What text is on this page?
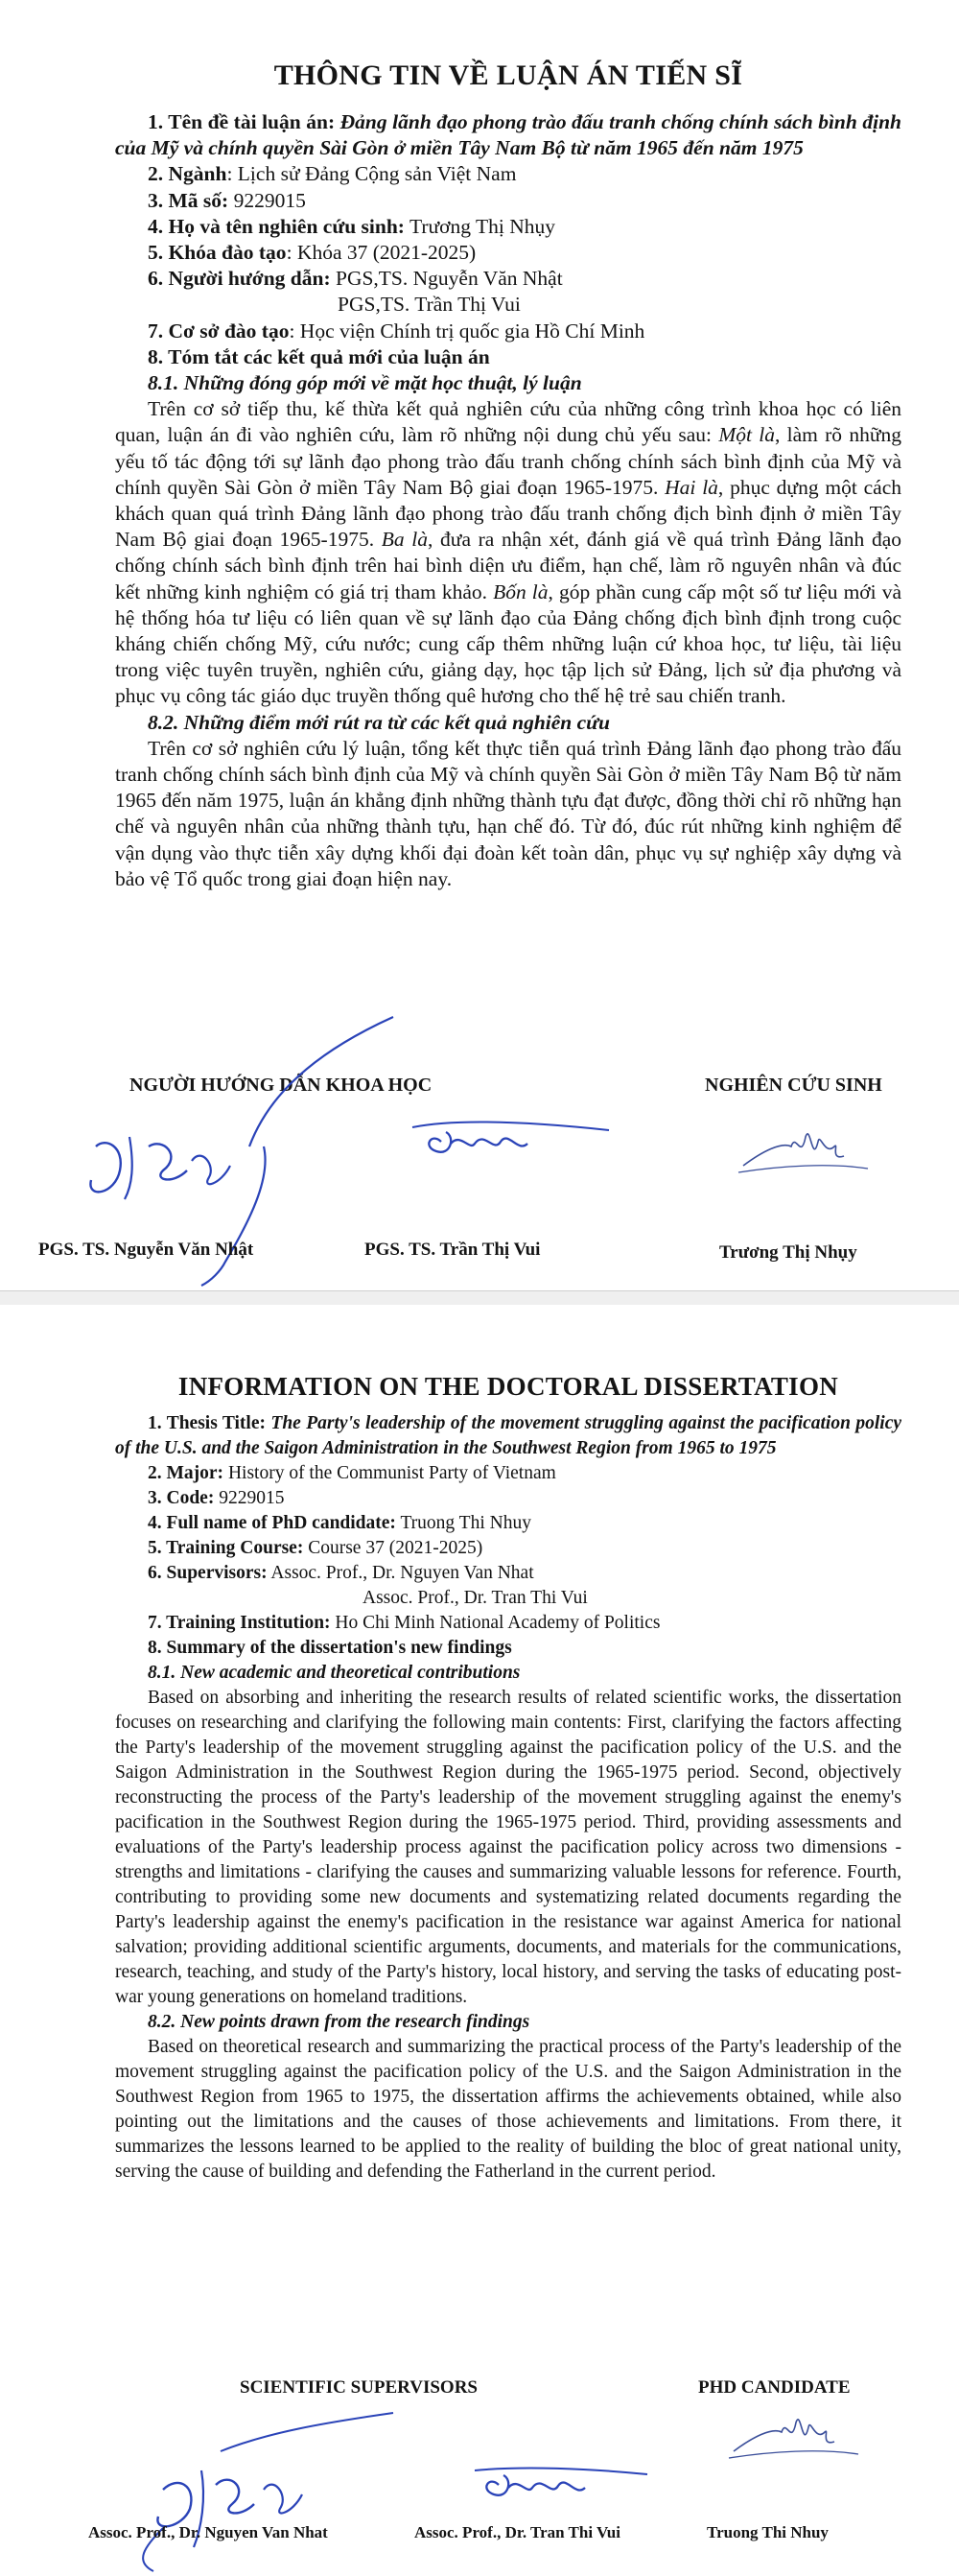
THÔNG TIN VỀ LUẬN ÁN TIẾN SĨ

1. Tên đề tài luận án: Đảng lãnh đạo phong trào đấu tranh chống chính sách bình định của Mỹ và chính quyền Sài Gòn ở miền Tây Nam Bộ từ năm 1965 đến năm 1975

2. Ngành: Lịch sử Đảng Cộng sản Việt Nam

3. Mã số: 9229015

4. Họ và tên nghiên cứu sinh: Trương Thị Nhụy

5. Khóa đào tạo: Khóa 37 (2021-2025)

6. Người hướng dẫn: PGS,TS. Nguyễn Văn Nhật

PGS,TS. Trần Thị Vui

7. Cơ sở đào tạo: Học viện Chính trị quốc gia Hồ Chí Minh

8. Tóm tắt các kết quả mới của luận án

8.1. Những đóng góp mới về mặt học thuật, lý luận

Trên cơ sở tiếp thu, kế thừa kết quả nghiên cứu của những công trình khoa học có liên quan, luận án đi vào nghiên cứu, làm rõ những nội dung chủ yếu sau: Một là, làm rõ những yếu tố tác động tới sự lãnh đạo phong trào đấu tranh chống chính sách bình định của Mỹ và chính quyền Sài Gòn ở miền Tây Nam Bộ giai đoạn 1965-1975. Hai là, phục dựng một cách khách quan quá trình Đảng lãnh đạo phong trào đấu tranh chống địch bình định ở miền Tây Nam Bộ giai đoạn 1965-1975. Ba là, đưa ra nhận xét, đánh giá về quá trình Đảng lãnh đạo chống chính sách bình định trên hai bình diện ưu điểm, hạn chế, làm rõ nguyên nhân và đúc kết những kinh nghiệm có giá trị tham khảo. Bốn là, góp phần cung cấp một số tư liệu mới và hệ thống hóa tư liệu có liên quan về sự lãnh đạo của Đảng chống địch bình định trong cuộc kháng chiến chống Mỹ, cứu nước; cung cấp thêm những luận cứ khoa học, tư liệu, tài liệu trong việc tuyên truyền, nghiên cứu, giảng dạy, học tập lịch sử Đảng, lịch sử địa phương và phục vụ công tác giáo dục truyền thống quê hương cho thế hệ trẻ sau chiến tranh.

8.2. Những điểm mới rút ra từ các kết quả nghiên cứu

Trên cơ sở nghiên cứu lý luận, tổng kết thực tiễn quá trình Đảng lãnh đạo phong trào đấu tranh chống chính sách bình định của Mỹ và chính quyền Sài Gòn ở miền Tây Nam Bộ từ năm 1965 đến năm 1975, luận án khẳng định những thành tựu đạt được, đồng thời chỉ rõ những hạn chế và nguyên nhân của những thành tựu, hạn chế đó. Từ đó, đúc rút những kinh nghiệm để vận dụng vào thực tiễn xây dựng khối đại đoàn kết toàn dân, phục vụ sự nghiệp xây dựng và bảo vệ Tổ quốc trong giai đoạn hiện nay.

NGƯỜI HƯỚNG DẪN KHOA HỌC	NGHIÊN CỨU SINH
PGS. TS. Nguyễn Văn Nhật	PGS. TS. Trần Thị Vui	Trương Thị Nhụy
INFORMATION ON THE DOCTORAL DISSERTATION

1. Thesis Title: The Party's leadership of the movement struggling against the pacification policy of the U.S. and the Saigon Administration in the Southwest Region from 1965 to 1975

2. Major: History of the Communist Party of Vietnam

3. Code: 9229015

4. Full name of PhD candidate: Truong Thi Nhuy

5. Training Course: Course 37 (2021-2025)

6. Supervisors: Assoc. Prof., Dr. Nguyen Van Nhat

Assoc. Prof., Dr. Tran Thi Vui

7. Training Institution: Ho Chi Minh National Academy of Politics

8. Summary of the dissertation's new findings

8.1. New academic and theoretical contributions

Based on absorbing and inheriting the research results of related scientific works, the dissertation focuses on researching and clarifying the following main contents: First, clarifying the factors affecting the Party's leadership of the movement struggling against the pacification policy of the U.S. and the Saigon Administration in the Southwest Region during the 1965-1975 period. Second, objectively reconstructing the process of the Party's leadership of the movement struggling against the enemy's pacification in the Southwest Region during the 1965-1975 period. Third, providing assessments and evaluations of the Party's leadership process against the pacification policy across two dimensions - strengths and limitations - clarifying the causes and summarizing valuable lessons for reference. Fourth, contributing to providing some new documents and systematizing related documents regarding the Party's leadership against the enemy's pacification in the resistance war against America for national salvation; providing additional scientific arguments, documents, and materials for the communications, research, teaching, and study of the Party's history, local history, and serving the tasks of educating post-war young generations on homeland traditions.

8.2. New points drawn from the research findings

Based on theoretical research and summarizing the practical process of the Party's leadership of the movement struggling against the pacification policy of the U.S. and the Saigon Administration in the Southwest Region from 1965 to 1975, the dissertation affirms the achievements obtained, while also pointing out the limitations and the causes of those achievements and limitations. From there, it summarizes the lessons learned to be applied to the reality of building the bloc of great national unity, serving the cause of building and defending the Fatherland in the current period.

SCIENTIFIC SUPERVISORS	PHD CANDIDATE
Assoc. Prof., Dr. Nguyen Van Nhat	Assoc. Prof., Dr. Tran Thi Vui	Truong Thi Nhuy
